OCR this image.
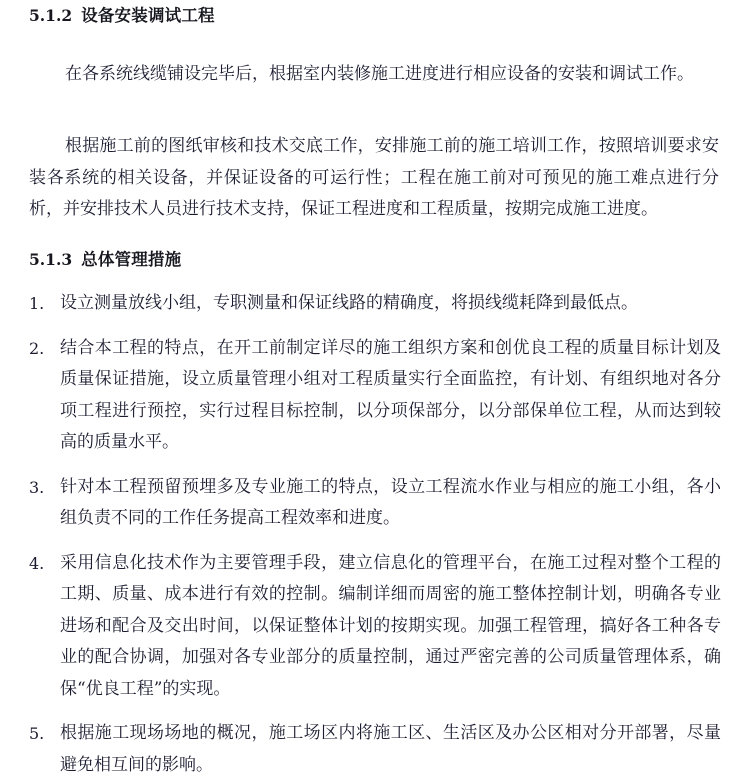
5.1.2 设备安装调试工程

在各系统线缆铺设完毕后，根据室内装修施工进度进行相应设备的安装和调试工作。

根据施工前的图纸审核和技术交底工作，安排施工前的施工培训工作，按照培训要求安装各系统的相关设备，并保证设备的可运行性；工程在施工前对可预见的施工难点进行分析，并安排技术人员进行技术支持，保证工程进度和工程质量，按期完成施工进度。

5.1.3 总体管理措施
1. 设立测量放线小组，专职测量和保证线路的精确度，将损线缆耗降到最低点。
2. 结合本工程的特点，在开工前制定详尽的施工组织方案和创优良工程的质量目标计划及质量保证措施，设立质量管理小组对工程质量实行全面监控，有计划、有组织地对各分项工程进行预控，实行过程目标控制，以分项保部分，以分部保单位工程，从而达到较高的质量水平。
3. 针对本工程预留预埋多及专业施工的特点，设立工程流水作业与相应的施工小组，各小组负责不同的工作任务提高工程效率和进度。
4. 采用信息化技术作为主要管理手段，建立信息化的管理平台，在施工过程对整个工程的工期、质量、成本进行有效的控制。编制详细而周密的施工整体控制计划，明确各专业进场和配合及交出时间，以保证整体计划的按期实现。加强工程管理，搞好各工种各专业的配合协调，加强对各专业部分的质量控制，通过严密完善的公司质量管理体系，确保“优良工程”的实现。
5. 根据施工现场场地的概况，施工场区内将施工区、生活区及办公区相对分开部署，尽量避免相互间的影响。
